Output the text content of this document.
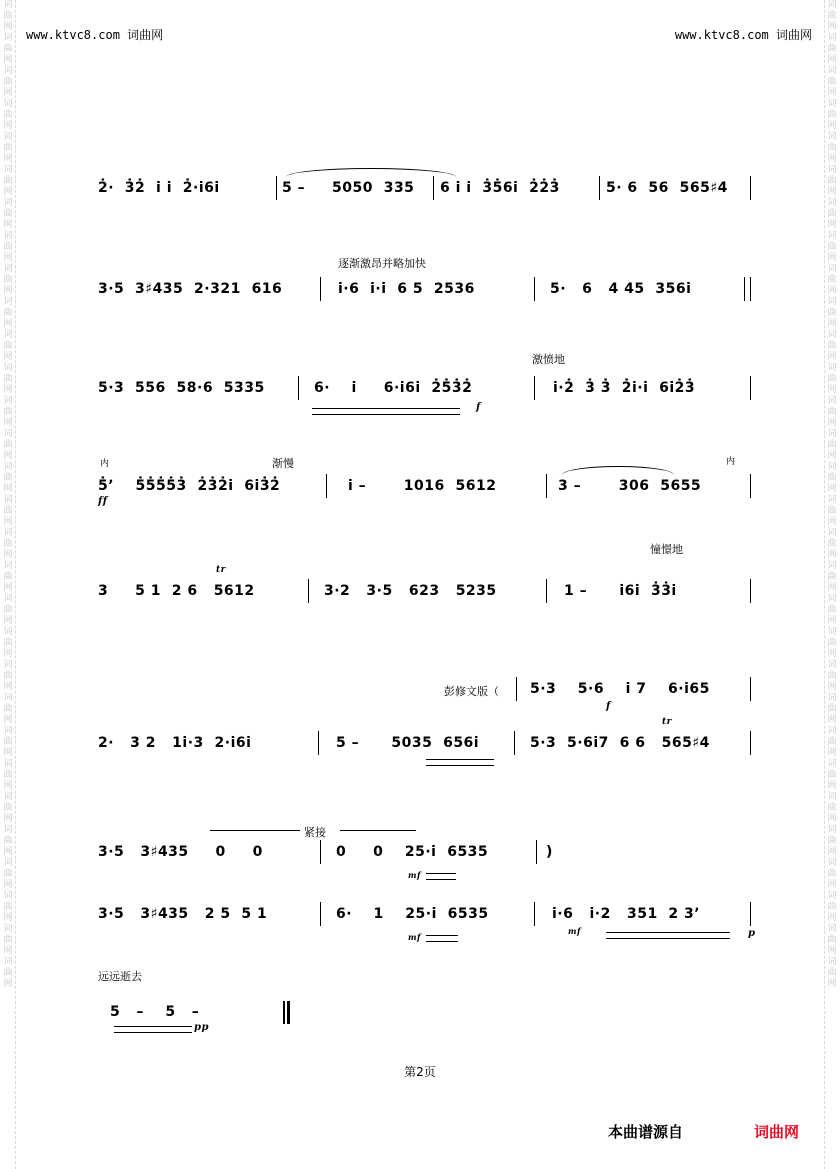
词曲网词曲网词曲网词曲网词曲网词曲网词曲网词曲网词曲网词曲网词曲网词曲网词曲网词曲网词曲网词曲网词曲网词曲网词曲网词曲网词曲网词曲网词曲网词曲网词曲网词曲网词曲网词曲网词曲网词曲网
词曲网词曲网词曲网词曲网词曲网词曲网词曲网词曲网词曲网词曲网词曲网词曲网词曲网词曲网词曲网词曲网词曲网词曲网词曲网词曲网词曲网词曲网词曲网词曲网词曲网词曲网词曲网词曲网词曲网词曲网
www.ktvc8.com 词曲网	www.ktvc8.com 词曲网

2̇·  3̇2̇  i̇ i̇  2̇·i̇6i̇

	5 –     5050  335

6 i̇ i̇  3̇5̇6i̇  2̇2̇3̇

	5· 6  56  565♯4

逐渐激昂并略加快

3·5  3♯435  2·321  616

	i̇·6  i̇·i̇  6 5  2536

	5·   6   4 45  356i̇

激愤地

5·3  556  58·6  5335

	6·    i̇     6·i̇6i̇  2̇5̇3̇2̇

	i̇·2̇  3̇ 3̇  2̇i̇·i̇  6i̇2̇3̇

f

渐慢

内

	内

5̇ʼ    5̇5̇5̇5̇3̇  2̇3̇2̇i̇  6i̇3̇2̇

	i̇ –       1016  5612

	3 –       306  5655

ff

憧憬地

tr

3     5 1  2 6   5612

	3·2   3·5   623   5235

	1 –      i̇6i̇  3̇3̇i̇

彭修文版（

5·3    5·6    i̇ 7    6·i̇65

f

tr

2·   3 2   1i̇·3  2·i̇6i̇

	5 –      5035  656i̇

	5·3  5·6i̇7  6 6   565♯4

紧接

3·5   3♯435     0     0

	0     0    25·i̇  6535

	)

mf

3·5   3♯435   2 5  5 1

	6·    1    25·i̇  6535

	i̇·6   i̇·2   351  2 3ʼ

mf

mf

	p

远远逝去

5   –    5   –

pp

第2页
本曲谱源自	词曲网
